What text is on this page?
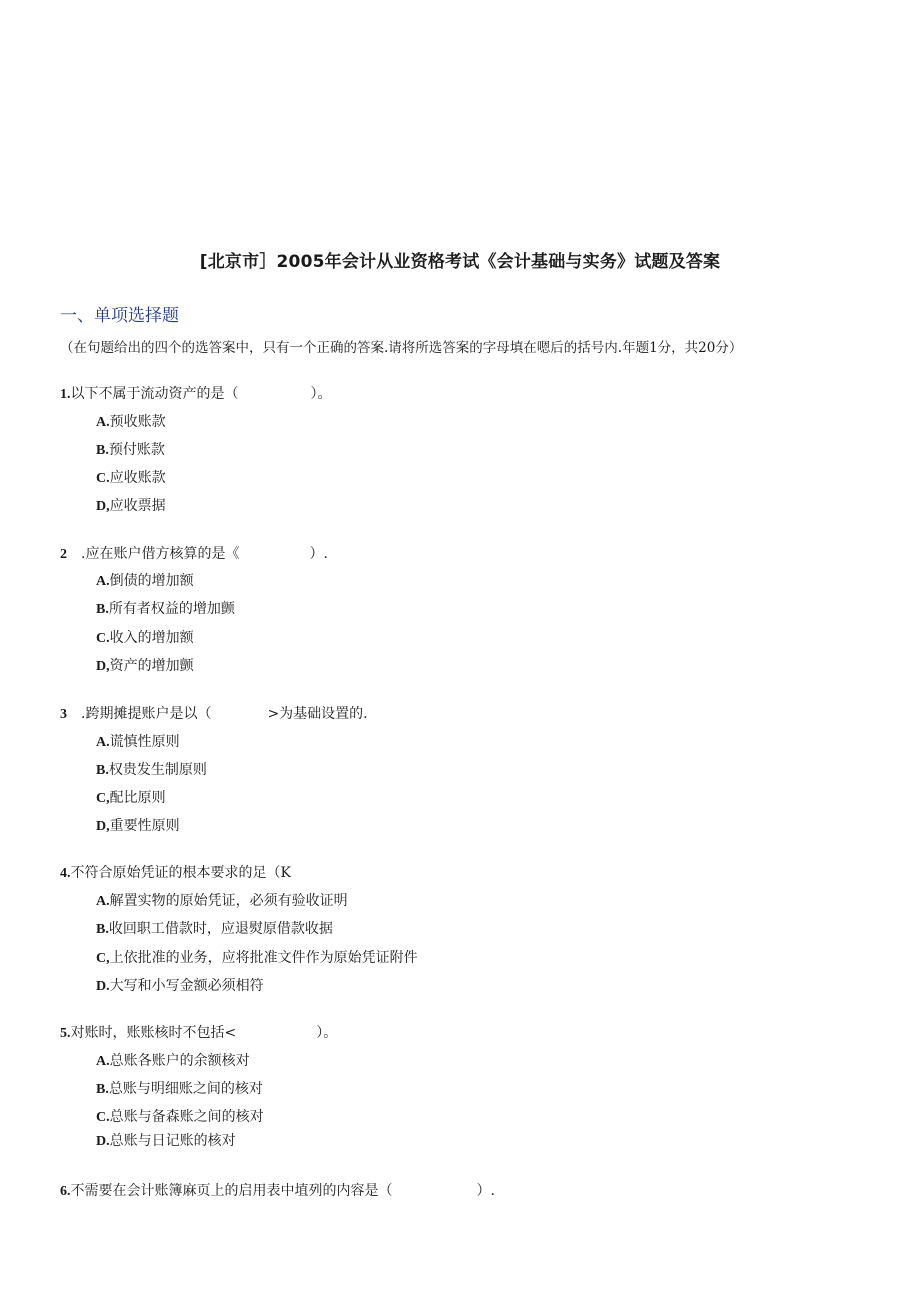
[北京市］2005年会计从业资格考试《会计基础与实务》试题及答案
一、单项选择题
（在句题给出的四个的选答案中，只有一个正确的答案.请将所选答案的字母填在嗯后的括号内.年题1分，共20分）
1.以下不属于流动资产的是（	）。
A.预收账款
B.预付账款
C.应收账款
D,应收票据
2 .应在账户借方核算的是《	）.
A.倒债的增加额
B.所有者权益的增加颤
C.收入的增加额
D,资产的增加颤
3 .跨期摊提账户是以（	>为基础设置的.
A.谎慎性原则
B.权贵发生制原则
C,配比原则
D,重要性原则
4.不符合原始凭证的根本要求的足（K
A.解置实物的原始凭证，必须有验收证明
B.收回职工借款时，应退熨原借款收据
C,上依批准的业务，应将批准文件作为原始凭证附件
D.大写和小写金额必须相符
5.对账时，账账核时不包括<	）。
A.总账各账户的余额核对
B.总账与明细账之间的核对
C.总账与备森账之间的核对
D.总账与日记账的核对
6.不需要在会计账簿麻页上的启用表中埴列的内容是（	）.
